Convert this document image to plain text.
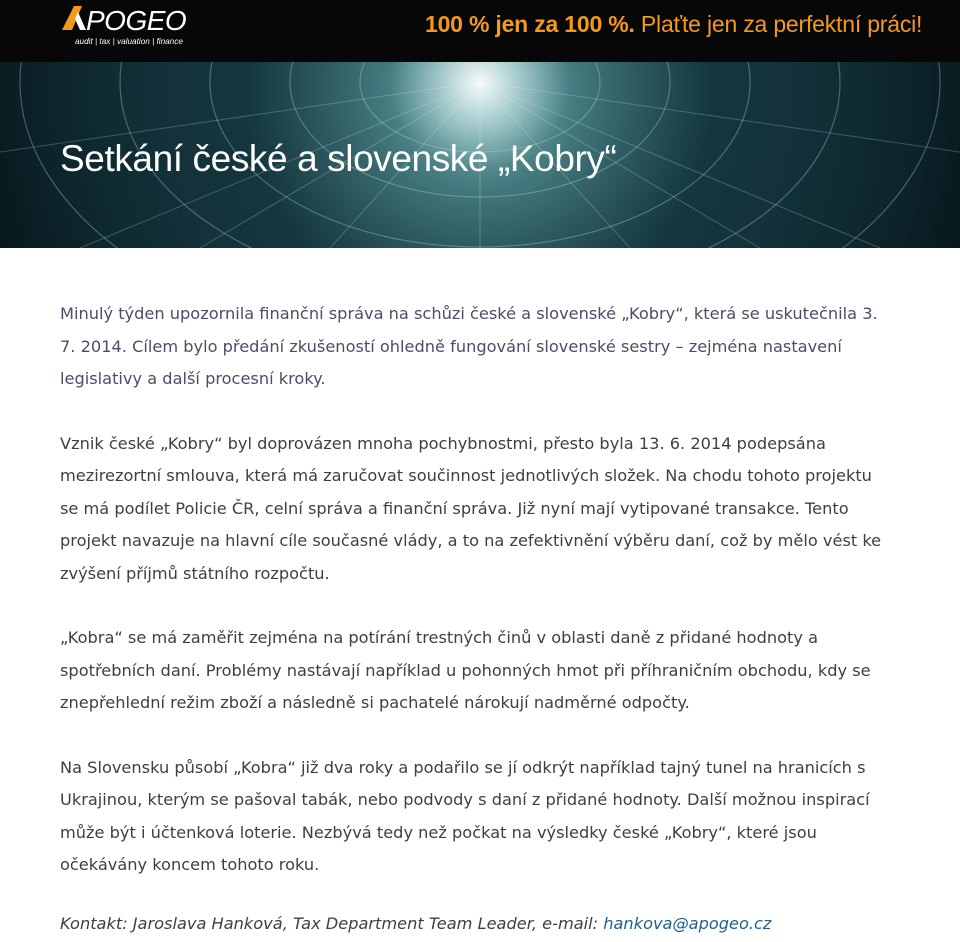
POGEO
audit | tax | valuation | finance
100 % jen za 100 %. Plaťte jen za perfektní práci!
Setkání české a slovenské „Kobry“

Minulý týden upozornila finanční správa na schůzi české a slovenské „Kobry“, která se uskutečnila 3. 7. 2014. Cílem bylo předání zkušeností ohledně fungování slovenské sestry – zejména nastavení legislativy a další procesní kroky.

Vznik české „Kobry“ byl doprovázen mnoha pochybnostmi, přesto byla 13. 6. 2014 podepsána mezirezortní smlouva, která má zaručovat součinnost jednotlivých složek. Na chodu tohoto projektu se má podílet Policie ČR, celní správa a finanční správa. Již nyní mají vytipované transakce. Tento projekt navazuje na hlavní cíle současné vlády, a to na zefektivnění výběru daní, což by mělo vést ke zvýšení příjmů státního rozpočtu.

„Kobra“ se má zaměřit zejména na potírání trestných činů v oblasti daně z přidané hodnoty a spotřebních daní. Problémy nastávají například u pohonných hmot při příhraničním obchodu, kdy se znepřehlední režim zboží a následně si pachatelé nárokují nadměrné odpočty.

Na Slovensku působí „Kobra“ již dva roky a podařilo se jí odkrýt například tajný tunel na hranicích s Ukrajinou, kterým se pašoval tabák, nebo podvody s daní z přidané hodnoty. Další možnou inspirací může být i účtenková loterie. Nezbývá tedy než počkat na výsledky české „Kobry“, které jsou očekávány koncem tohoto roku.

Kontakt: Jaroslava Hanková, Tax Department Team Leader, e-mail: hankova@apogeo.cz
